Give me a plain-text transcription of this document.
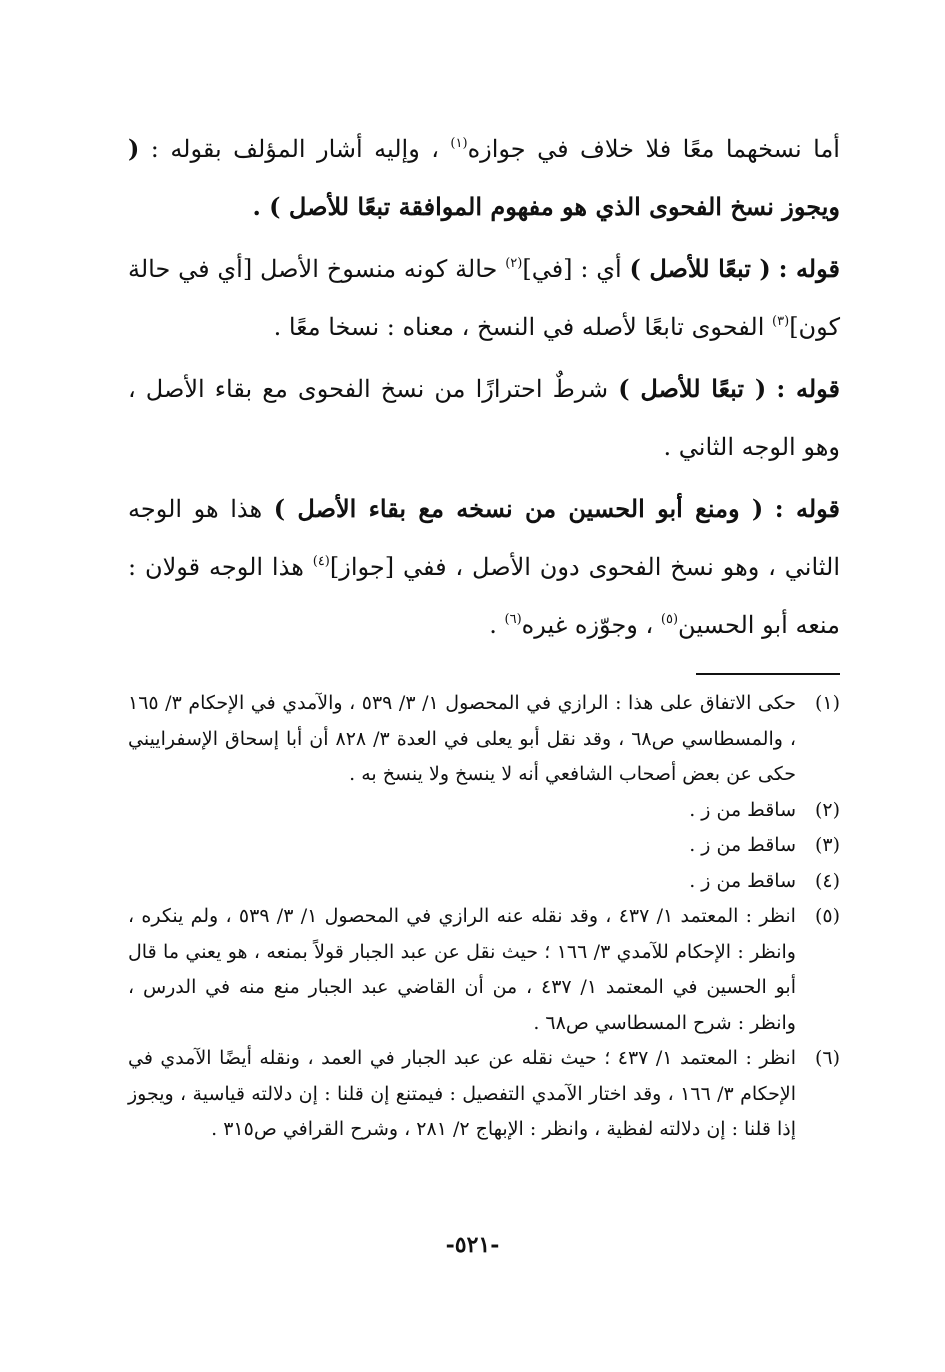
أما نسخهما معًا فلا خلاف في جوازه$^{(١)}$ ، وإليه أشار المؤلف بقوله : ( ويجوز نسخ الفحوى الذي هو مفهوم الموافقة تبعًا للأصل ) .

قوله : ( تبعًا للأصل ) أي : [في]$^{(٢)}$ حالة كونه منسوخ الأصل [أي في حالة كون]$^{(٣)}$ الفحوى تابعًا لأصله في النسخ ، معناه : نسخا معًا .

قوله : ( تبعًا للأصل ) شرطٌ احترازًا من نسخ الفحوى مع بقاء الأصل ، وهو الوجه الثاني .

قوله : ( ومنع أبو الحسين من نسخه مع بقاء الأصل ) هذا هو الوجه الثاني ، وهو نسخ الفحوى دون الأصل ، ففي [جواز]$^{(٤)}$ هذا الوجه قولان : منعه أبو الحسين$^{(٥)}$ ، وجوّزه غيره$^{(٦)}$ .

(١)
حكى الاتفاق على هذا : الرازي في المحصول ١/ ٣/ ٥٣٩ ، والآمدي في الإحكام ٣/ ١٦٥ ، والمسطاسي ص٦٨ ، وقد نقل أبو يعلى في العدة ٣/ ٨٢٨ أن أبا إسحاق الإسفراييني حكى عن بعض أصحاب الشافعي أنه لا ينسخ ولا ينسخ به .

(٢)
ساقط من ز .

(٣)
ساقط من ز .

(٤)
ساقط من ز .

(٥)
انظر : المعتمد ١/ ٤٣٧ ، وقد نقله عنه الرازي في المحصول ١/ ٣/ ٥٣٩ ، ولم ينكره ، وانظر : الإحكام للآمدي ٣/ ١٦٦ ؛ حيث نقل عن عبد الجبار قولاً بمنعه ، هو يعني ما قال أبو الحسين في المعتمد ١/ ٤٣٧ ، من أن القاضي عبد الجبار منع منه في الدرس ، وانظر : شرح المسطاسي ص٦٨ .

(٦)
انظر : المعتمد ١/ ٤٣٧ ؛ حيث نقله عن عبد الجبار في العمد ، ونقله أيضًا الآمدي في الإحكام ٣/ ١٦٦ ، وقد اختار الآمدي التفصيل : فيمتنع إن قلنا : إن دلالته قياسية ، ويجوز إذا قلنا : إن دلالته لفظية ، وانظر : الإبهاج ٢/ ٢٨١ ، وشرح القرافي ص٣١٥ .

-٥٢١-
